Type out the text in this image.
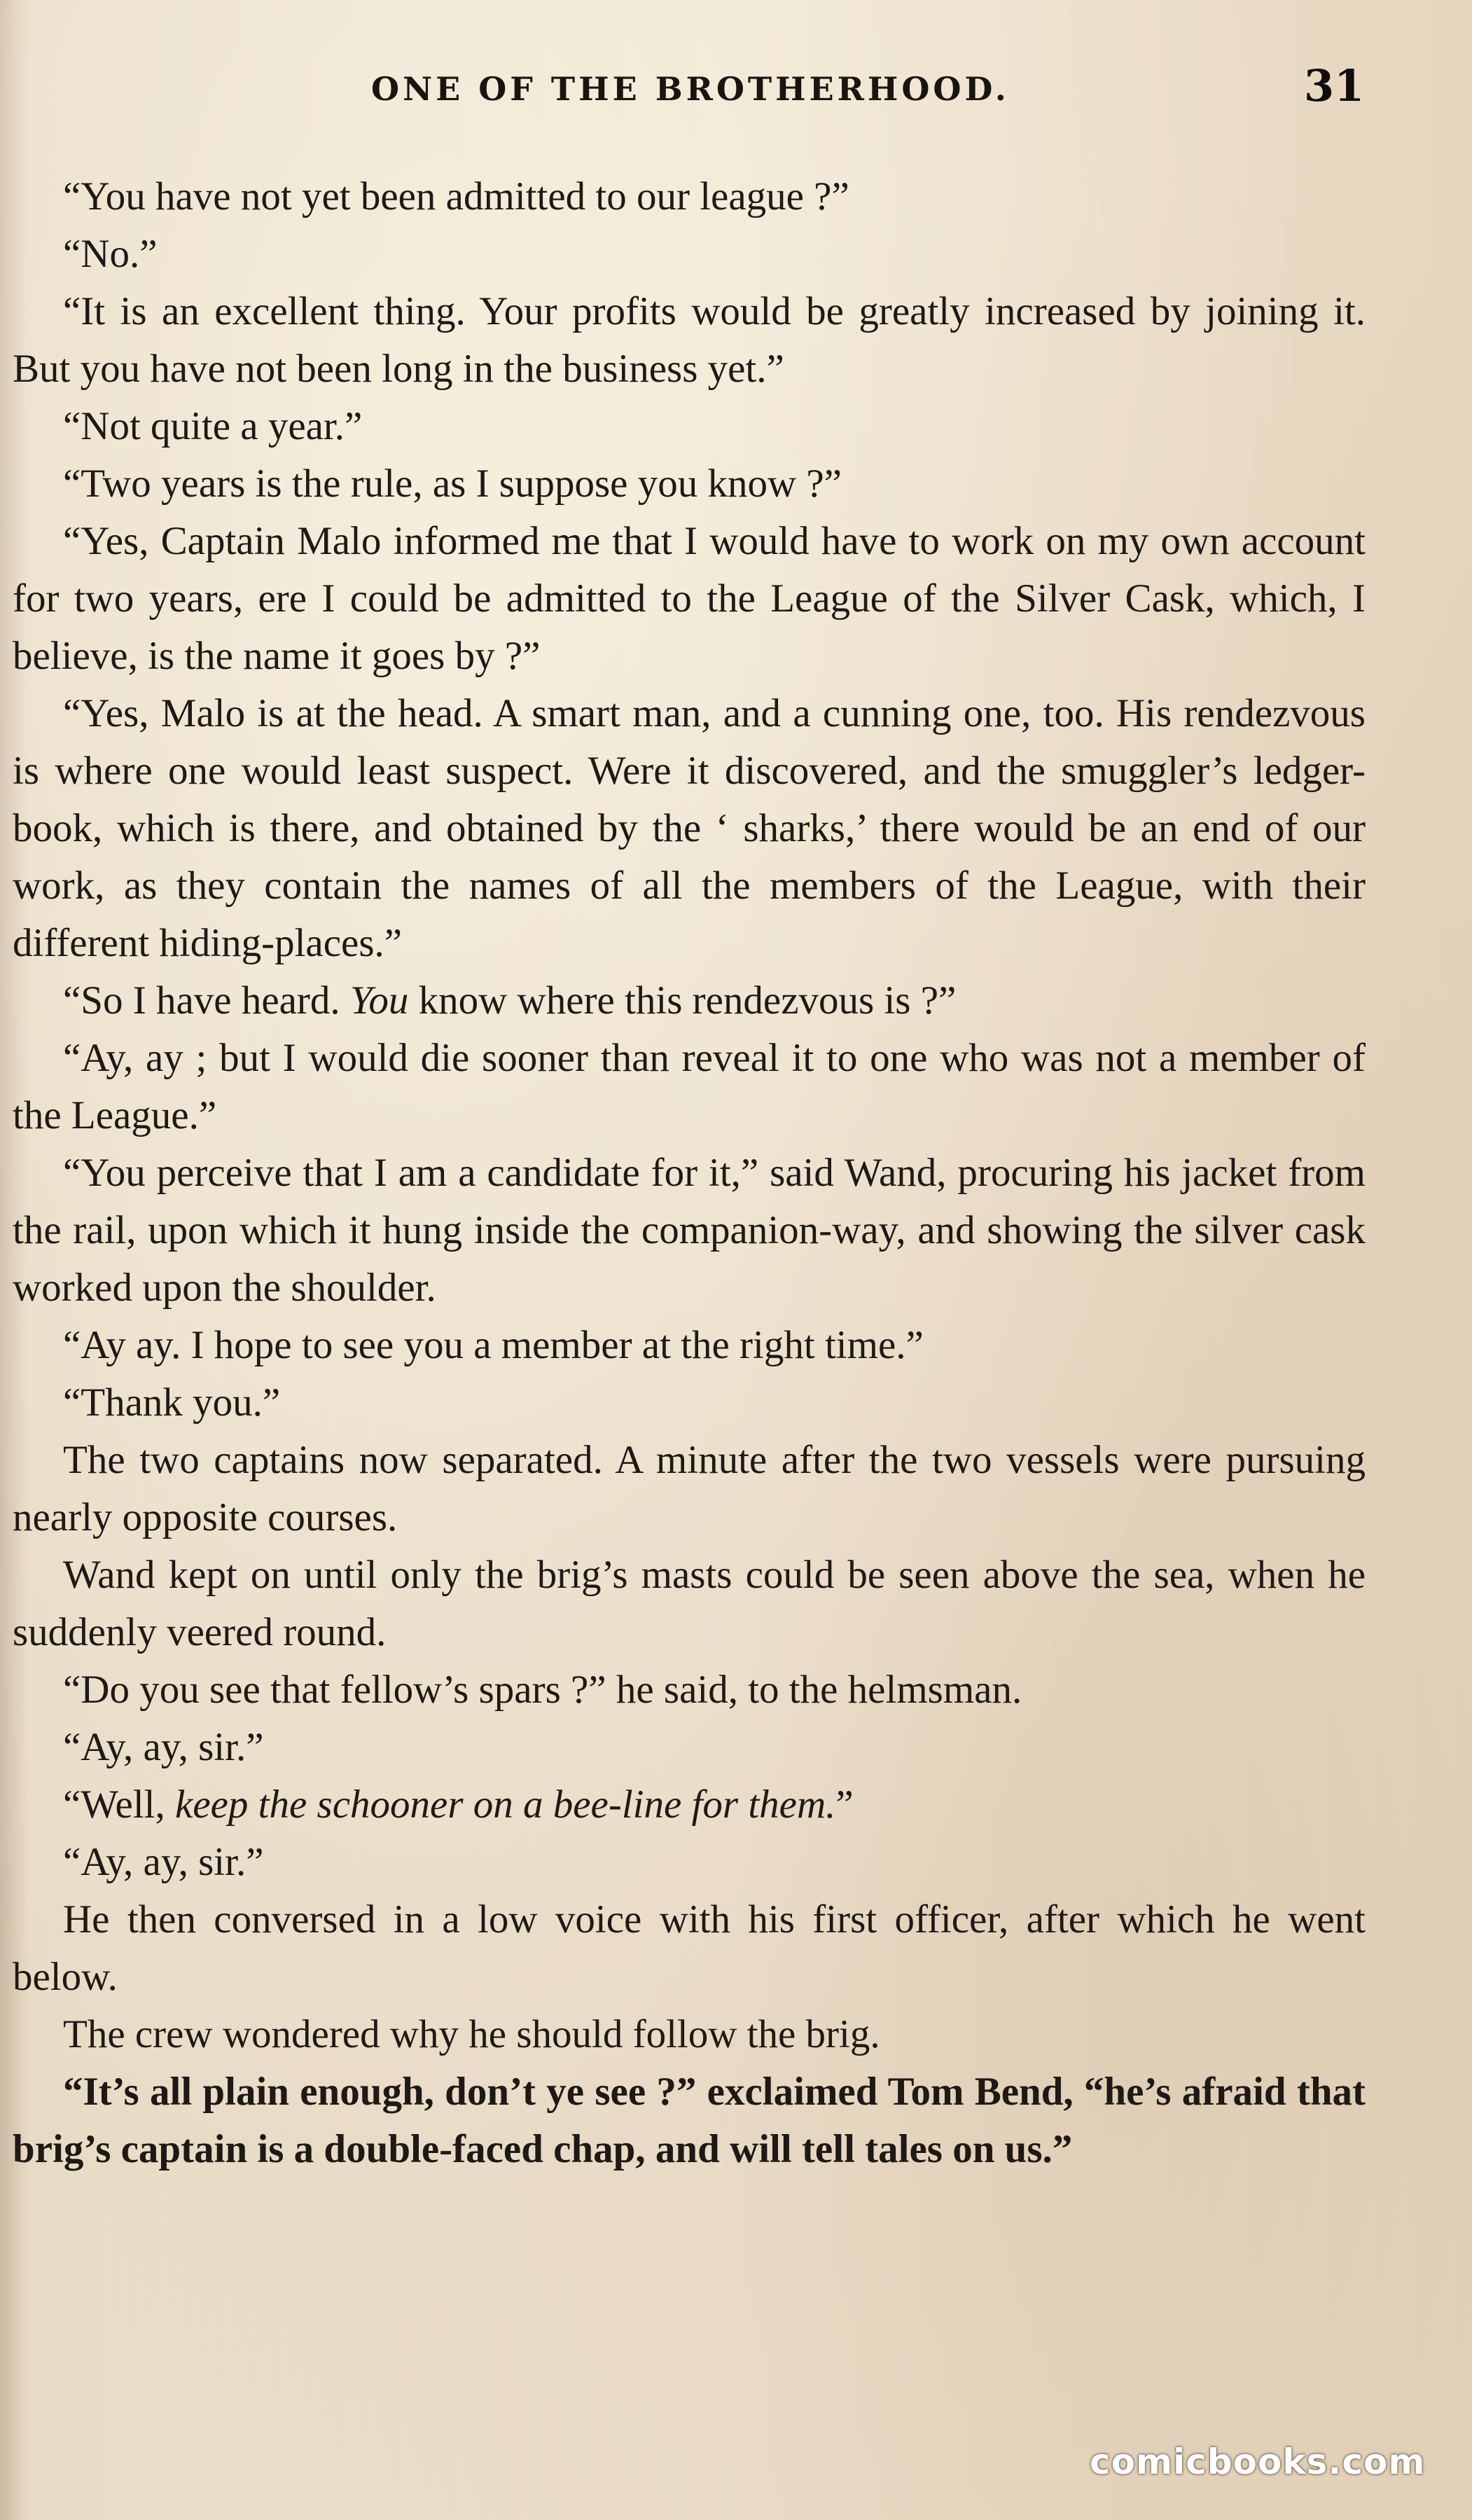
ONE OF THE BROTHERHOOD.	31

“You have not yet been admitted to our league ?”

“No.”

“It is an excellent thing. Your profits would be greatly increased by joining it. But you have not been long in the business yet.”

“Not quite a year.”

“Two years is the rule, as I suppose you know ?”

“Yes, Captain Malo informed me that I would have to work on my own account for two years, ere I could be admitted to the League of the Silver Cask, which, I believe, is the name it goes by ?”

“Yes, Malo is at the head. A smart man, and a cunning one, too. His rendezvous is where one would least suspect. Were it discovered, and the smuggler’s ledger-book, which is there, and obtained by the ‘ sharks,’ there would be an end of our work, as they contain the names of all the members of the League, with their different hiding-places.”

“So I have heard. You know where this rendezvous is ?”

“Ay, ay ; but I would die sooner than reveal it to one who was not a member of the League.”

“You perceive that I am a candidate for it,” said Wand, procuring his jacket from the rail, upon which it hung inside the companion-way, and showing the silver cask worked upon the shoulder.

“Ay ay. I hope to see you a member at the right time.”

“Thank you.”

The two captains now separated. A minute after the two vessels were pursuing nearly opposite courses.

Wand kept on until only the brig’s masts could be seen above the sea, when he suddenly veered round.

“Do you see that fellow’s spars ?” he said, to the helmsman.

“Ay, ay, sir.”

“Well, keep the schooner on a bee-line for them.”

“Ay, ay, sir.”

He then conversed in a low voice with his first officer, after which he went below.

The crew wondered why he should follow the brig.

“It’s all plain enough, don’t ye see ?” exclaimed Tom Bend, “he’s afraid that brig’s captain is a double-faced chap, and will tell tales on us.”

comicbooks.com
